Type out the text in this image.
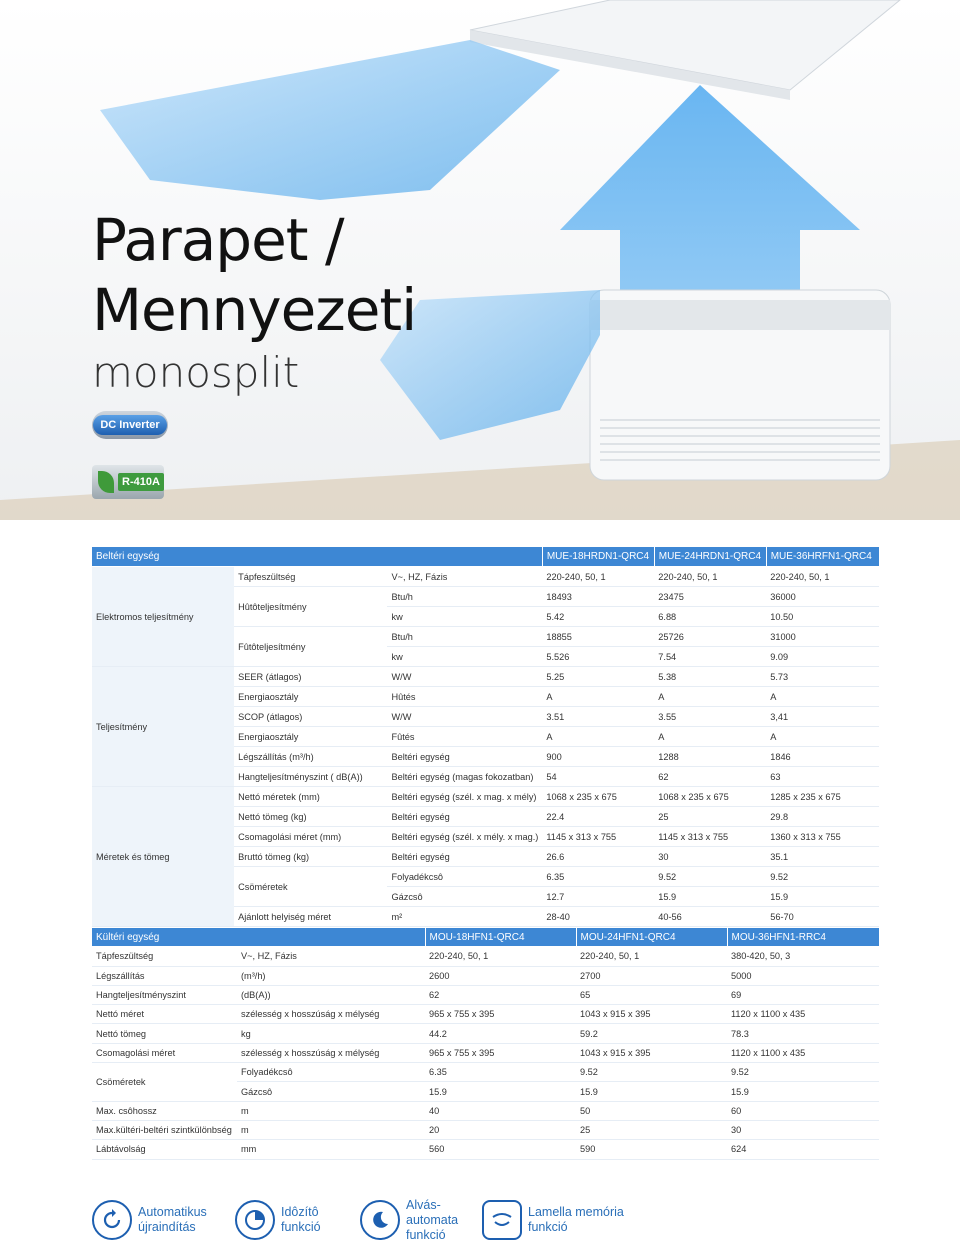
Parapet /
Mennyezeti
monosplit
DC Inverter
R-410A
Beltéri egység			MUE-18HRDN1-QRC4	MUE-24HRDN1-QRC4	MUE-36HRFN1-QRC4
Elektromos teljesítmény	Tápfeszültség	V~, HZ, Fázis	220-240, 50, 1	220-240, 50, 1	220-240, 50, 1
	Hûtôteljesítmény	Btu/h	18493	23475	36000
		kw	5.42	6.88	10.50
	Fûtôteljesítmény	Btu/h	18855	25726	31000
		kw	5.526	7.54	9.09
Teljesítmény	SEER (átlagos)	W/W	5.25	5.38	5.73
	Energiaosztály	Hûtés	A	A	A
	SCOP (átlagos)	W/W	3.51	3.55	3,41
	Energiaosztály	Fûtés	A	A	A
	Légszállítás (m³/h)	Beltéri egység	900	1288	1846
	Hangteljesítményszint ( dB(A))	Beltéri egység (magas fokozatban)	54	62	63
Méretek és tömeg	Nettó méretek (mm)	Beltéri egység (szél. x mag. x mély)	1068 x 235 x 675	1068 x 235 x 675	1285 x 235 x 675
	Nettó tömeg (kg)	Beltéri egység	22.4	25	29.8
	Csomagolási méret (mm)	Beltéri egység (szél. x mély. x mag.)	1145 x 313 x 755	1145 x 313 x 755	1360 x 313 x 755
	Bruttó tömeg (kg)	Beltéri egység	26.6	30	35.1
	Csöméretek	Folyadékcsô	6.35	9.52	9.52
		Gázcsô	12.7	15.9	15.9
	Ajánlott helyiség méret	m²	28-40	40-56	56-70
Kültéri egység		MOU-18HFN1-QRC4	MOU-24HFN1-QRC4	MOU-36HFN1-RRC4
Tápfeszültség	V~, HZ, Fázis	220-240, 50, 1	220-240, 50, 1	380-420, 50, 3
Légszállítás	(m³/h)	2600	2700	5000
Hangteljesítményszint	(dB(A))	62	65	69
Nettó méret	szélesség x hosszúság x mélység	965 x 755 x 395	1043 x 915 x 395	1120 x 1100 x 435
Nettó tömeg	kg	44.2	59.2	78.3
Csomagolási méret	szélesség x hosszúság x mélység	965 x 755 x 395	1043 x 915 x 395	1120 x 1100 x 435
Csöméretek	Folyadékcsô	6.35	9.52	9.52
	Gázcsô	15.9	15.9	15.9
Max. csôhossz	m	40	50	60
Max.kültéri-beltéri szintkülönbség	m	20	25	30
Lábtávolság	mm	560	590	624
Automatikus újraindítás
Idôzítô funkció
z
Alvás-automata funkció
Lamella memória funkció
